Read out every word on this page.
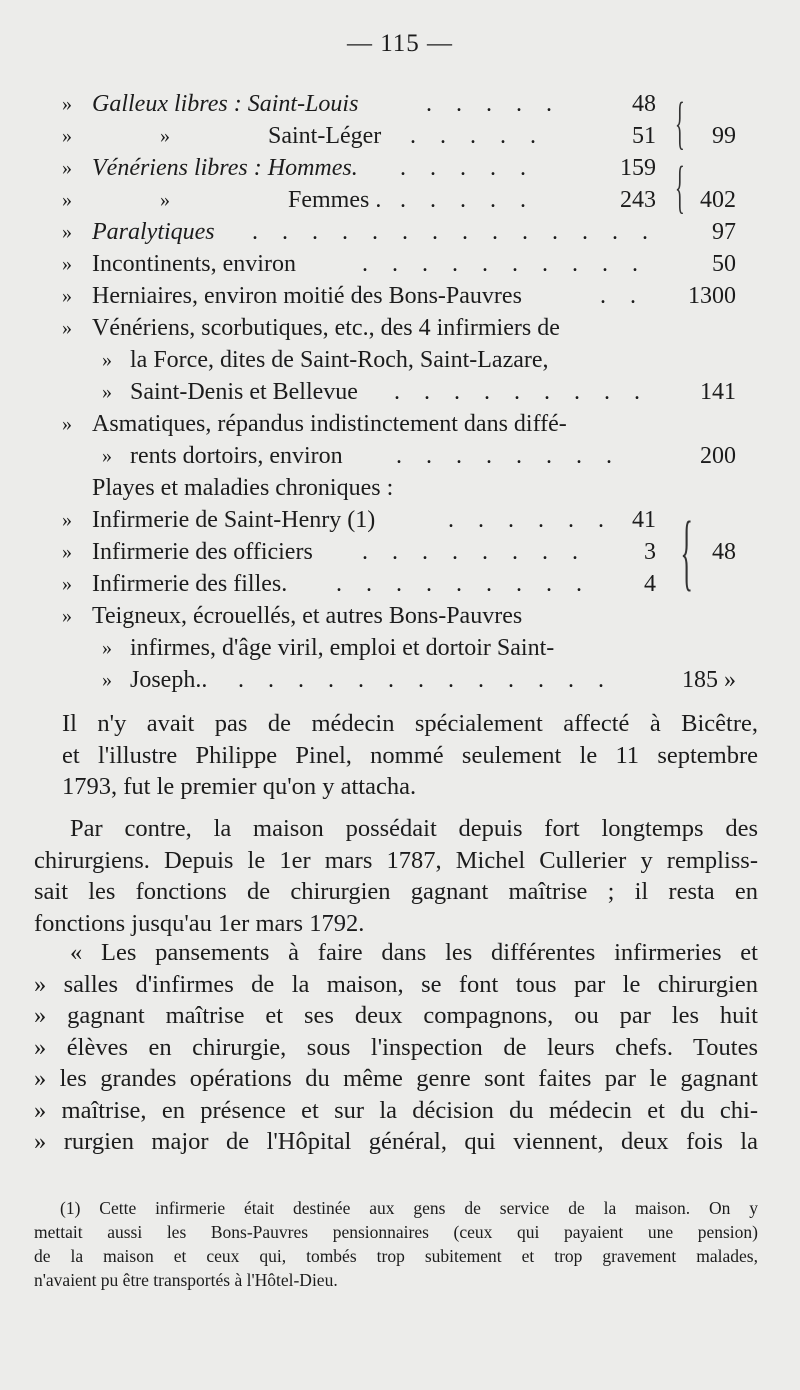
— 115 —
» Galleux libres : Saint-Louis	. . . . .	48
»	»	Saint-Léger . . . . .	51	99
» Vénériens libres : Hommes. . . . . .	159
»	»	Femmes . . . . . .	243	402
» Paralytiques . . . . . . . . . . . . . .	97
» Incontinents, environ	. . . . . . . . . .	50
» Herniaires, environ moitié des Bons-Pauvres	. .	1300
» Vénériens, scorbutiques, etc., des 4 infirmiers de
» la Force, dites de Saint-Roch, Saint-Lazare,
» Saint-Denis et Bellevue . . . . . . . . .	141
» Asmatiques, répandus indistinctement dans diffé-
» rents dortoirs, environ . . . . . . . .	200
Playes et maladies chroniques :
» Infirmerie de Saint-Henry (1)	. . . . . . 41
» Infirmerie des officiers . . . . . . . .	3	48
» Infirmerie des filles. . . . . . . . . .	4
» Teigneux, écrouellés, et autres Bons-Pauvres
» infirmes, d'âge viril, emploi et dortoir Saint-
» Joseph.. . . . . . . . . . . . . .	185 »
{
{
{
Il n'y avait pas de médecin spécialement affecté à Bicêtre,
et l'illustre Philippe Pinel, nommé seulement le 11 septembre
1793, fut le premier qu'on y attacha.
Par contre, la maison possédait depuis fort longtemps des
chirurgiens. Depuis le 1er mars 1787, Michel Cullerier y rempliss-
sait les fonctions de chirurgien gagnant maîtrise ; il resta en
fonctions jusqu'au 1er mars 1792.
« Les pansements à faire dans les différentes infirmeries et
» salles d'infirmes de la maison, se font tous par le chirurgien
» gagnant maîtrise et ses deux compagnons, ou par les huit
» élèves en chirurgie, sous l'inspection de leurs chefs. Toutes
» les grandes opérations du même genre sont faites par le gagnant
» maîtrise, en présence et sur la décision du médecin et du chi-
» rurgien major de l'Hôpital général, qui viennent, deux fois la
(1) Cette infirmerie était destinée aux gens de service de la maison. On y
mettait aussi les Bons-Pauvres pensionnaires (ceux qui payaient une pension)
de la maison et ceux qui, tombés trop subitement et trop gravement malades,
n'avaient pu être transportés à l'Hôtel-Dieu.
